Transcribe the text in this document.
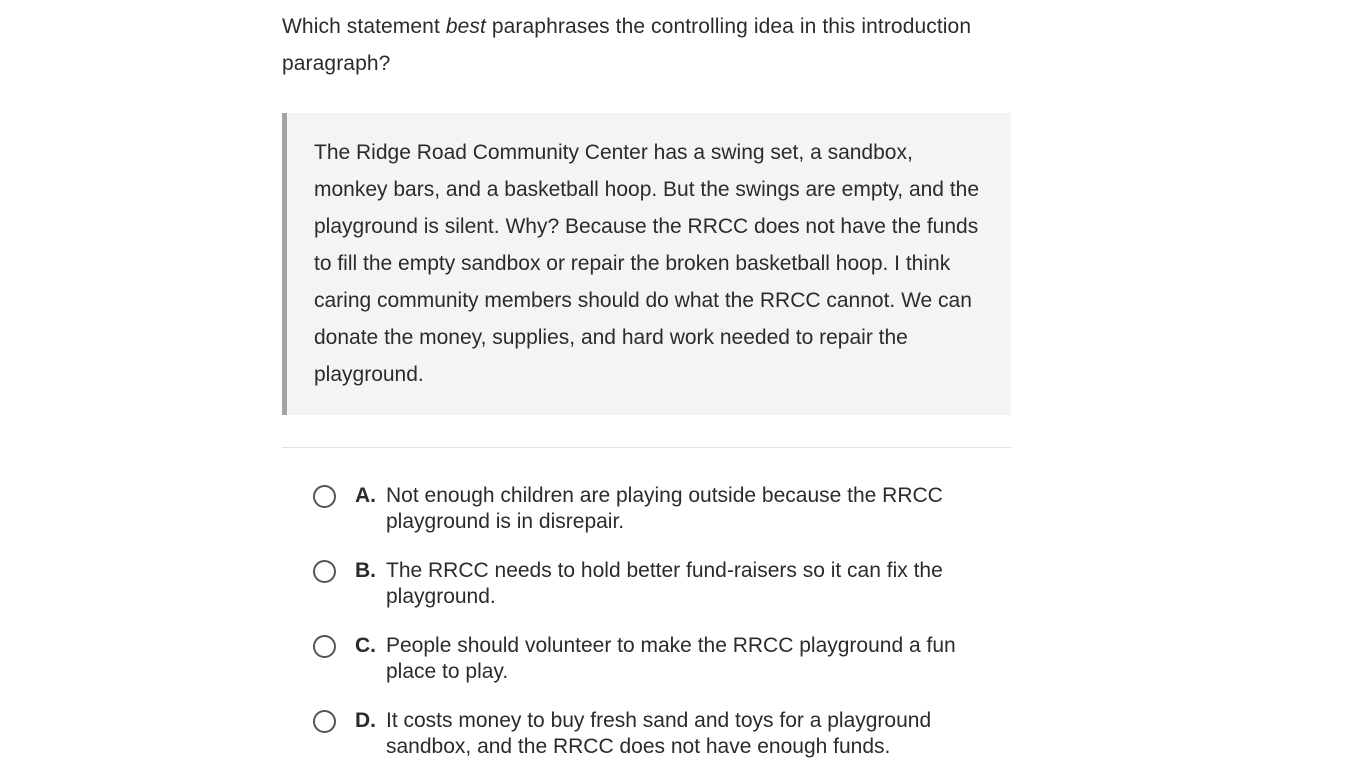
Which statement best paraphrases the controlling idea in this introduction paragraph?
The Ridge Road Community Center has a swing set, a sandbox, monkey bars, and a basketball hoop. But the swings are empty, and the playground is silent. Why? Because the RRCC does not have the funds to fill the empty sandbox or repair the broken basketball hoop. I think caring community members should do what the RRCC cannot. We can donate the money, supplies, and hard work needed to repair the playground.
A. Not enough children are playing outside because the RRCC playground is in disrepair.
B. The RRCC needs to hold better fund-raisers so it can fix the playground.
C. People should volunteer to make the RRCC playground a fun place to play.
D. It costs money to buy fresh sand and toys for a playground sandbox, and the RRCC does not have enough funds.
